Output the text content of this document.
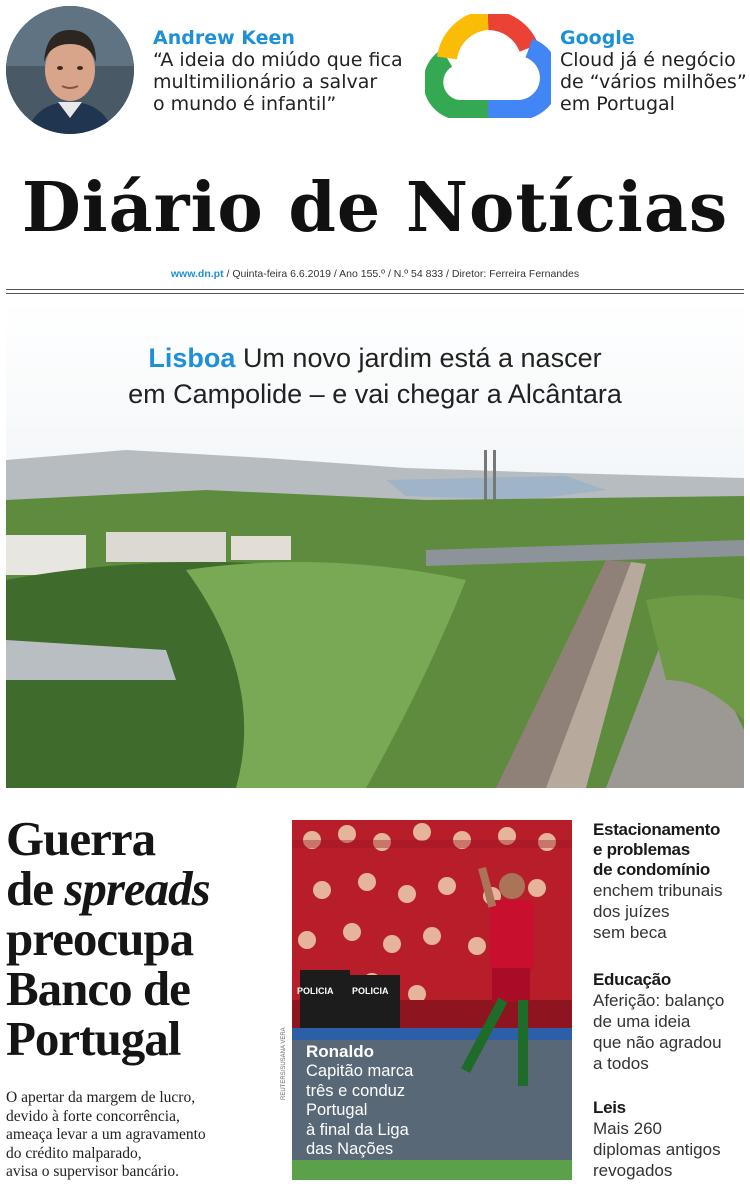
Andrew Keen
“A ideia do miúdo que fica
multimilionário a salvar
o mundo é infantil”
Google
Cloud já é negócio
de “vários milhões”
em Portugal
Diário de Notícias
www.dn.pt / Quinta-feira 6.6.2019 / Ano 155.º / N.º 54 833 / Diretor: Ferreira Fernandes
Lisboa Um novo jardim está a nascer
em Campolide – e vai chegar a Alcântara
Guerra
de spreads
preocupa
Banco de
Portugal
O apertar da margem de lucro,
devido à forte concorrência,
ameaça levar a um agravamento
do crédito malparado,
avisa o supervisor bancário.
POLICIA POLICIA
REUTERS/SUSANA VERA Ronaldo
Capitão marca
três e conduz
Portugal
à final da Liga
das Nações
Estacionamento
e problemas
de condomínio
enchem tribunais
dos juízes
sem beca
Educação
Aferição: balanço
de uma ideia
que não agradou
a todos
Leis
Mais 260
diplomas antigos
revogados
